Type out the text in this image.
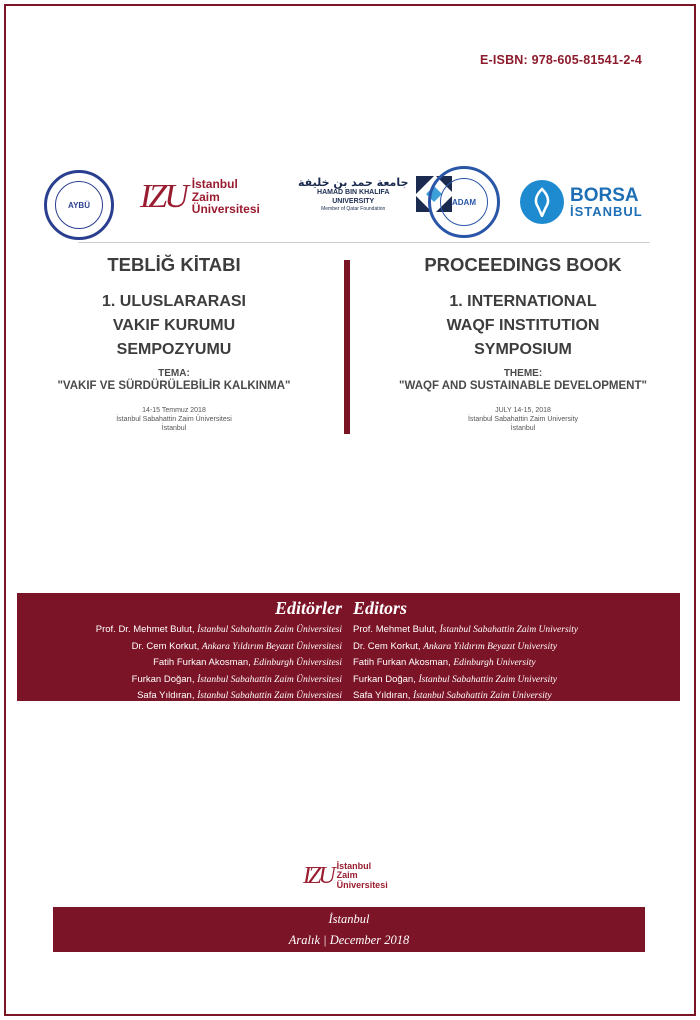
E-ISBN: 978-605-81541-2-4
AYBÜ	IZU İstanbul
Zaim
Üniversitesi
جامعة حمد بن خليفة
HAMAD BIN KHALIFA
UNIVERSITY
Member of Qatar Foundation
ADAM	BORSA
İSTANBUL
TEBLİĞ KİTABI
1. ULUSLARARASI
VAKIF KURUMU
SEMPOZYUMU
TEMA:
"VAKIF VE SÜRDÜRÜLEBİLİR KALKINMA"
14-15 Temmuz 2018
İstanbul Sabahattin Zaim Üniversitesi
İstanbul
PROCEEDINGS BOOK
1. INTERNATIONAL
WAQF INSTITUTION
SYMPOSIUM
THEME:
"WAQF AND SUSTAINABLE DEVELOPMENT"
JULY 14-15, 2018
İstanbul Sabahattin Zaim University
İstanbul
Editörler Editors
Prof. Dr. Mehmet Bulut, İstanbul Sabahattin Zaim Üniversitesi
Dr. Cem Korkut, Ankara Yıldırım Beyazıt Üniversitesi
Fatih Furkan Akosman, Edinburgh Üniversitesi
Furkan Doğan, İstanbul Sabahattin Zaim Üniversitesi
Safa Yıldıran, İstanbul Sabahattin Zaim Üniversitesi
Prof. Mehmet Bulut, İstanbul Sabahattin Zaim University
Dr. Cem Korkut, Ankara Yıldırım Beyazıt University
Fatih Furkan Akosman, Edinburgh University
Furkan Doğan, İstanbul Sabahattin Zaim University
Safa Yıldıran, İstanbul Sabahattin Zaim University
IZU İstanbul
Zaim
Üniversitesi
İstanbul
Aralık | December 2018
